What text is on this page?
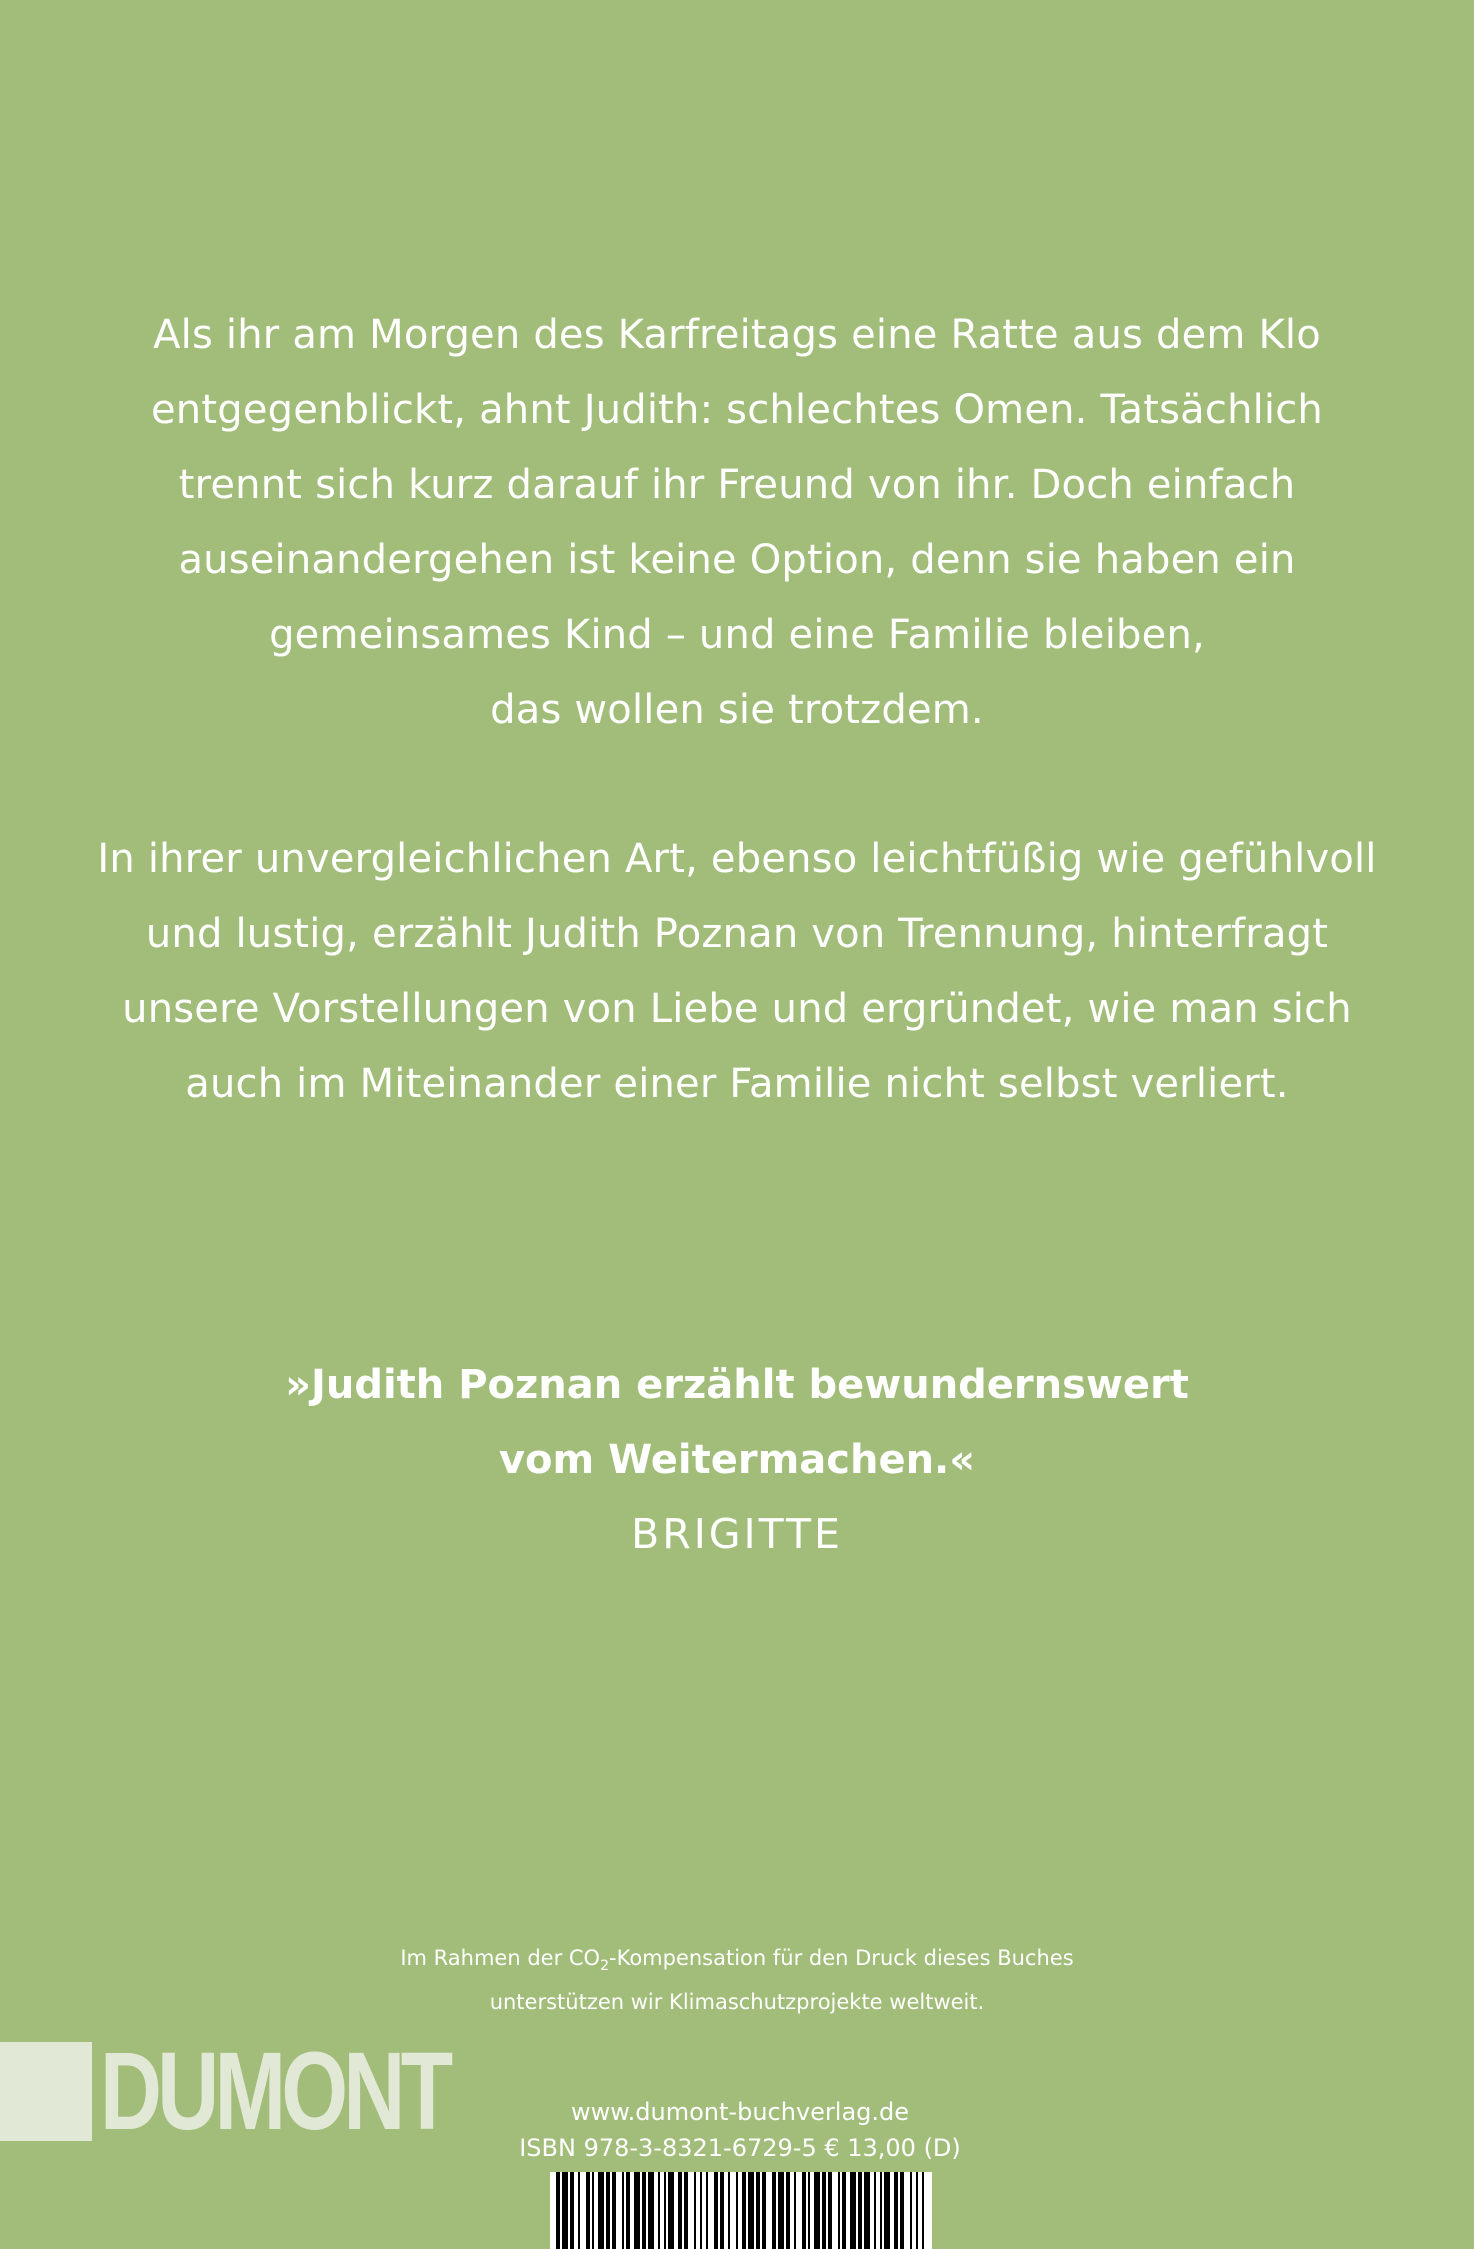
Als ihr am Morgen des Karfreitags eine Ratte aus dem Klo
entgegenblickt, ahnt Judith: schlechtes Omen. Tatsächlich
trennt sich kurz darauf ihr Freund von ihr. Doch einfach
auseinandergehen ist keine Option, denn sie haben ein
gemeinsames Kind – und eine Familie bleiben,
das wollen sie trotzdem.
In ihrer unvergleichlichen Art, ebenso leichtfüßig wie gefühlvoll
und lustig, erzählt Judith Poznan von Trennung, hinterfragt
unsere Vorstellungen von Liebe und ergründet, wie man sich
auch im Miteinander einer Familie nicht selbst verliert.
»Judith Poznan erzählt bewundernswert
vom Weitermachen.«
BRIGITTE
Im Rahmen der $CO_2$-Kompensation für den Druck dieses Buches
unterstützen wir Klimaschutzprojekte weltweit.
DUMONT	www.dumont-buchverlag.de
ISBN 978-3-8321-6729-5 € 13,00 (D)
